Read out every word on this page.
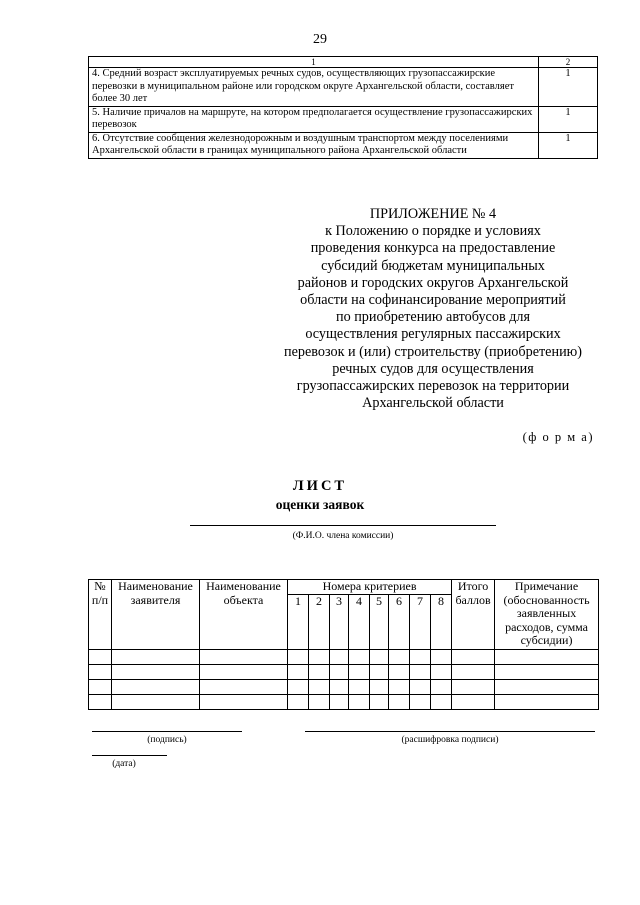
29
1	2
4. Средний возраст эксплуатируемых речных судов, осуществляющих грузопассажирские перевозки в муниципальном районе или городском округе Архангельской области, составляет более 30 лет	1
5. Наличие причалов на маршруте, на котором предполагается осуществление грузопассажирских перевозок	1
6. Отсутствие сообщения железнодорожным и воздушным транспортом между поселениями Архангельской области в границах муниципального района Архангельской области	1
ПРИЛОЖЕНИЕ № 4
к Положению о порядке и условиях
проведения конкурса на предоставление
субсидий бюджетам муниципальных
районов и городских округов Архангельской
области на софинансирование мероприятий
по приобретению автобусов для
осуществления регулярных пассажирских
перевозок и (или) строительству (приобретению)
речных судов для осуществления
грузопассажирских перевозок на территории
Архангельской области
(ф о р м а)
ЛИСТ
оценки заявок
(Ф.И.О. члена комиссии)
№ п/п	Наименование заявителя	Наименование объекта	Номера критериев								Итого баллов	Примечание (обоснованность заявленных расходов, сумма субсидии)
			1	2	3	4	5	6	7	8		

(подпись)	(расшифровка подписи)
(дата)
